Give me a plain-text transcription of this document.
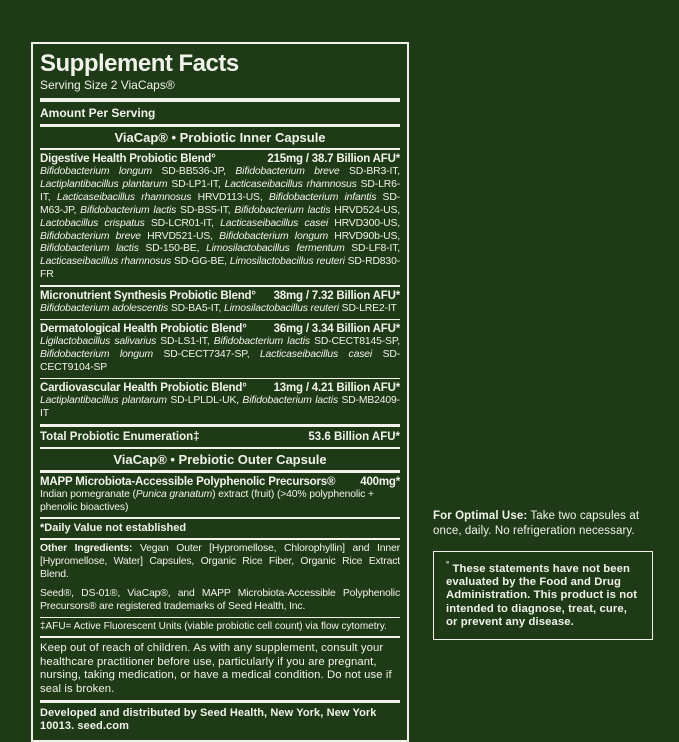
Supplement Facts
Serving Size 2 ViaCaps®
Amount Per Serving
ViaCap® • Probiotic Inner Capsule
Digestive Health Probiotic Blend°	215mg / 38.7 Billion AFU*
Bifidobacterium longum SD-BB536-JP, Bifidobacterium breve SD-BR3-IT, Lactiplantibacillus plantarum SD-LP1-IT, Lacticaseibacillus rhamnosus SD-LR6-IT, Lacticaseibacillus rhamnosus HRVD113-US, Bifidobacterium infantis SD-M63-JP, Bifidobacterium lactis SD-BS5-IT, Bifidobacterium lactis HRVD524-US, Lactobacillus crispatus SD-LCR01-IT, Lacticaseibacillus casei HRVD300-US, Bifidobacterium breve HRVD521-US, Bifidobacterium longum HRVD90b-US, Bifidobacterium lactis SD-150-BE, Limosilactobacillus fermentum SD-LF8-IT, Lacticaseibacillus rhamnosus SD-GG-BE, Limosilactobacillus reuteri SD-RD830-FR
Micronutrient Synthesis Probiotic Blend° 38mg / 7.32 Billion AFU*
Bifidobacterium adolescentis SD-BA5-IT, Limosilactobacillus reuteri SD-LRE2-IT
Dermatological Health Probiotic Blend° 36mg / 3.34 Billion AFU*
Ligilactobacillus salivarius SD-LS1-IT, Bifidobacterium lactis SD-CECT8145-SP, Bifidobacterium longum SD-CECT7347-SP, Lacticaseibacillus casei SD-CECT9104-SP
Cardiovascular Health Probiotic Blend° 13mg / 4.21 Billion AFU*
Lactiplantibacillus plantarum SD-LPLDL-UK, Bifidobacterium lactis SD-MB2409-IT
Total Probiotic Enumeration‡	53.6 Billion AFU*
ViaCap® • Prebiotic Outer Capsule
MAPP Microbiota-Accessible Polyphenolic Precursors® 400mg*
Indian pomegranate (Punica granatum) extract (fruit) (>40% polyphenolic + phenolic bioactives)
*Daily Value not established
Other Ingredients: Vegan Outer [Hypromellose, Chlorophyllin] and Inner [Hypromellose, Water] Capsules, Organic Rice Fiber, Organic Rice Extract Blend.
Seed®, DS-01®, ViaCap®, and MAPP Microbiota-Accessible Polyphenolic Precursors® are registered trademarks of Seed Health, Inc.
‡AFU= Active Fluorescent Units (viable probiotic cell count) via flow cytometry.
Keep out of reach of children. As with any supplement, consult your healthcare practitioner before use, particularly if you are pregnant, nursing, taking medication, or have a medical condition. Do not use if seal is broken.
Developed and distributed by Seed Health, New York, New York 10013. seed.com
For Optimal Use: Take two capsules at once, daily. No refrigeration necessary.
° These statements have not been evaluated by the Food and Drug Administration. This product is not intended to diagnose, treat, cure, or prevent any disease.
